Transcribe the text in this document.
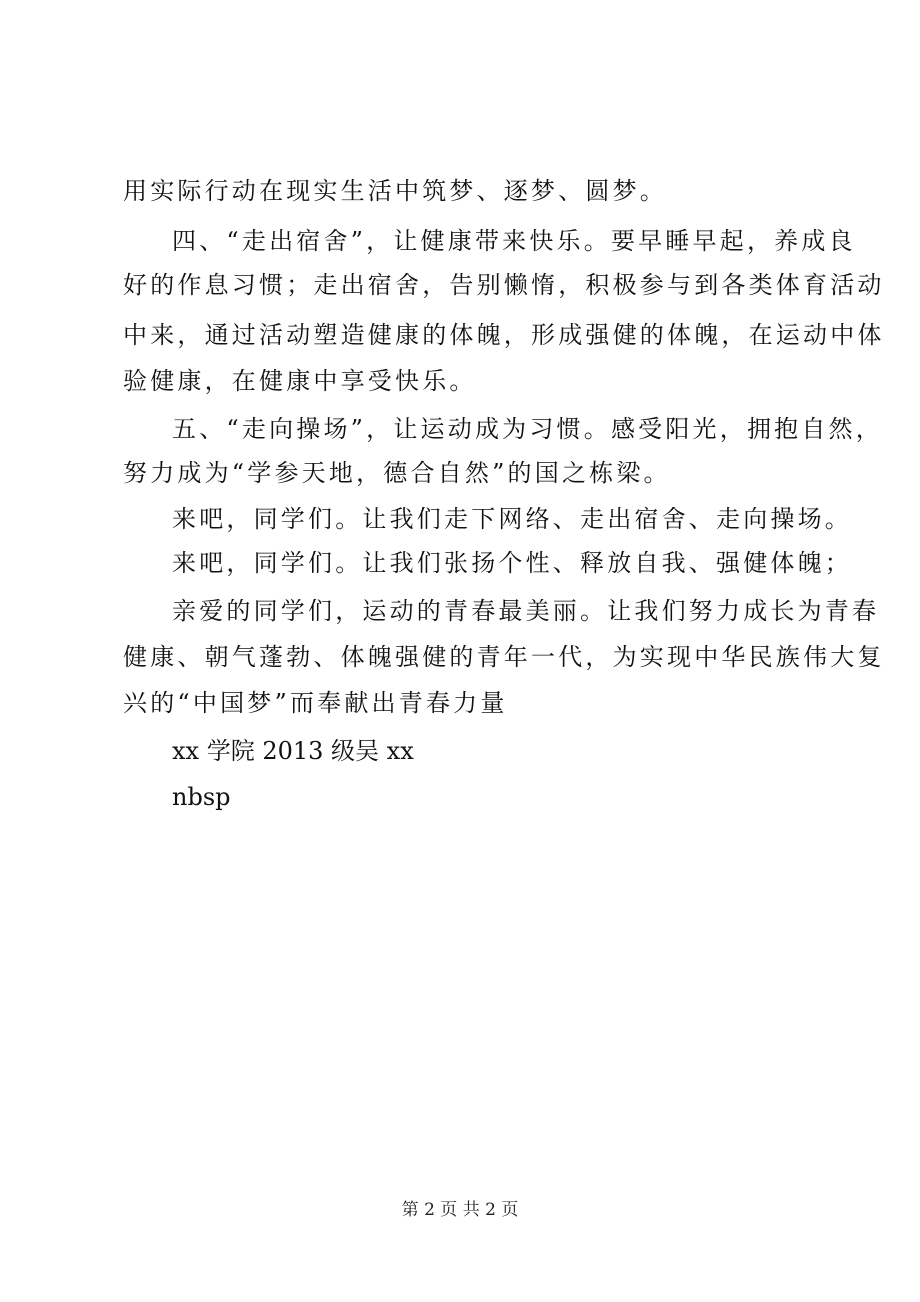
用实际行动在现实生活中筑梦、逐梦、圆梦。
四、“走出宿舍”，让健康带来快乐。要早睡早起，养成良
好的作息习惯；走出宿舍，告别懒惰，积极参与到各类体育活动
中来，通过活动塑造健康的体魄，形成强健的体魄，在运动中体
验健康，在健康中享受快乐。
五、“走向操场”，让运动成为习惯。感受阳光，拥抱自然，
努力成为“学参天地，德合自然”的国之栋梁。
来吧，同学们。让我们走下网络、走出宿舍、走向操场。
来吧，同学们。让我们张扬个性、释放自我、强健体魄；
亲爱的同学们，运动的青春最美丽。让我们努力成长为青春
健康、朝气蓬勃、体魄强健的青年一代，为实现中华民族伟大复
兴的“中国梦”而奉献出青春力量
xx 学院 2013 级吴 xx
nbsp
第 2 页 共 2 页
